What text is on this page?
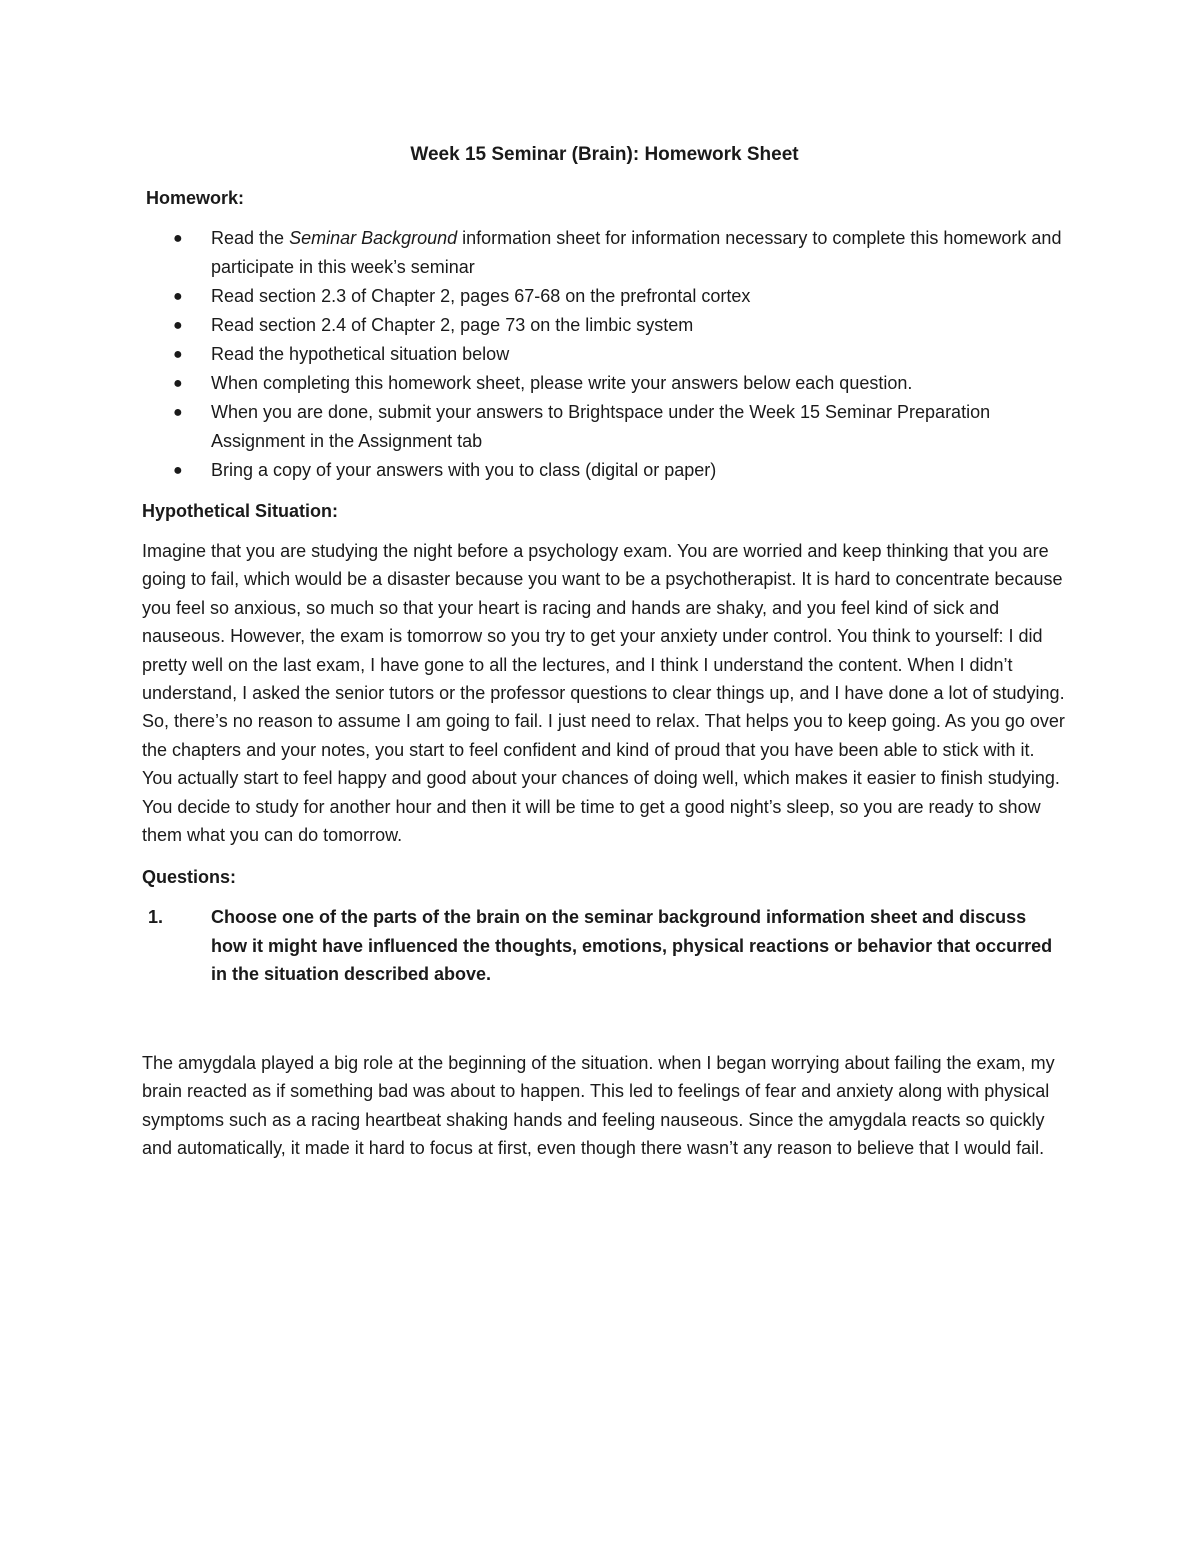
Week 15 Seminar (Brain): Homework Sheet
Homework:
● Read the Seminar Background information sheet for information necessary to complete this homework and participate in this week’s seminar
● Read section 2.3 of Chapter 2, pages 67-68 on the prefrontal cortex
● Read section 2.4 of Chapter 2, page 73 on the limbic system
● Read the hypothetical situation below
● When completing this homework sheet, please write your answers below each question.
● When you are done, submit your answers to Brightspace under the Week 15 Seminar Preparation Assignment in the Assignment tab
● Bring a copy of your answers with you to class (digital or paper)
Hypothetical Situation:

Imagine that you are studying the night before a psychology exam. You are worried and keep thinking that you are going to fail, which would be a disaster because you want to be a psychotherapist. It is hard to concentrate because you feel so anxious, so much so that your heart is racing and hands are shaky, and you feel kind of sick and nauseous. However, the exam is tomorrow so you try to get your anxiety under control. You think to yourself: I did pretty well on the last exam, I have gone to all the lectures, and I think I understand the content. When I didn’t understand, I asked the senior tutors or the professor questions to clear things up, and I have done a lot of studying. So, there’s no reason to assume I am going to fail. I just need to relax. That helps you to keep going. As you go over the chapters and your notes, you start to feel confident and kind of proud that you have been able to stick with it. You actually start to feel happy and good about your chances of doing well, which makes it easier to finish studying. You decide to study for another hour and then it will be time to get a good night’s sleep, so you are ready to show them what you can do tomorrow.

Questions:

1.	Choose one of the parts of the brain on the seminar background information sheet and discuss how it might have influenced the thoughts, emotions, physical reactions or behavior that occurred in the situation described above.

The amygdala played a big role at the beginning of the situation. when I began worrying about failing the exam, my brain reacted as if something bad was about to happen. This led to feelings of fear and anxiety along with physical symptoms such as a racing heartbeat shaking hands and feeling nauseous. Since the amygdala reacts so quickly and automatically, it made it hard to focus at first, even though there wasn’t any reason to believe that I would fail.
